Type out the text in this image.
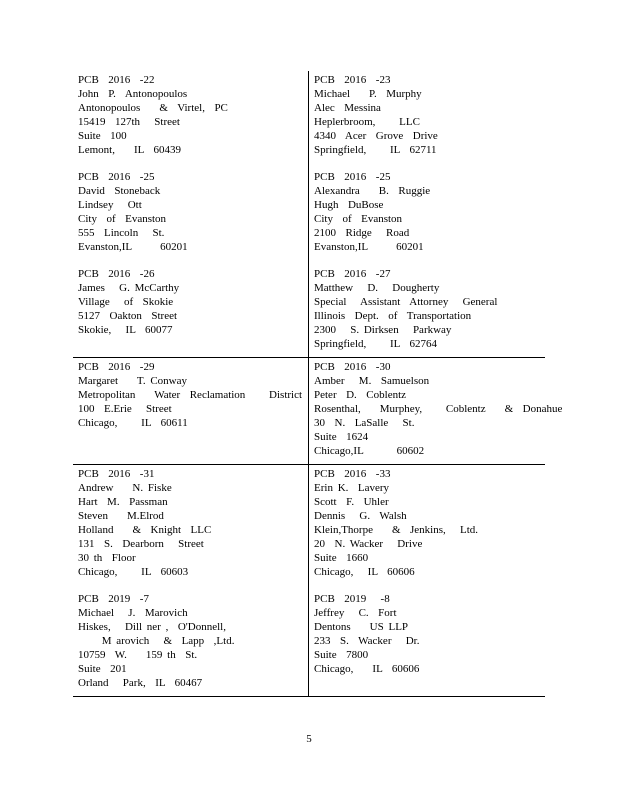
PCB  2016  -22
John  P.  Antonopoulos
Antonopoulos    &  Virtel,  PC
15419  127th   Street
Suite  100
Lemont,    IL  60439
PCB  2016  -25
David  Stoneback
Lindsey   Ott
City  of  Evanston
555  Lincoln   St.
Evanston,IL      60201
PCB  2016  -26
James   G. McCarthy
Village   of  Skokie
5127  Oakton  Street
Skokie,   IL  60077
PCB  2016  -23
Michael    P.  Murphy
Alec  Messina
Heplerbroom,     LLC
4340  Acer  Grove  Drive
Springfield,     IL  62711
PCB  2016  -25
Alexandra    B.  Ruggie
Hugh  DuBose
City  of  Evanston
2100  Ridge   Road
Evanston,IL      60201
PCB  2016  -27
Matthew   D.   Dougherty
Special   Assistant  Attorney   General
Illinois  Dept.  of  Transportation
2300   S. Dirksen   Parkway
Springfield,     IL  62764
PCB  2016  -29
Margaret    T. Conway
Metropolitan    Water  Reclamation     District
100  E.Erie   Street
Chicago,     IL  60611
PCB  2016  -30
Amber   M.  Samuelson
Peter  D.  Coblentz
Rosenthal,    Murphey,     Coblentz    &  Donahue
30  N.  LaSalle   St.
Suite  1624
Chicago,IL       60602
PCB  2016  -31
Andrew    N. Fiske
Hart  M.  Passman
Steven    M.Elrod
Holland    &  Knight  LLC
131  S.  Dearborn   Street
30 th  Floor
Chicago,     IL  60603
PCB  2019  -7
Michael   J.  Marovich
Hiskes,   Dill ner ,  O'Donnell,
M arovich   &  Lapp  ,Ltd.
10759  W.    159 th  St.
Suite  201
Orland   Park,  IL  60467
PCB  2016  -33
Erin K.  Lavery
Scott  F.  Uhler
Dennis   G.  Walsh
Klein,Thorpe    &  Jenkins,   Ltd.
20  N. Wacker   Drive
Suite  1660
Chicago,   IL  60606
PCB  2019   -8
Jeffrey   C.  Fort
Dentons    US LLP
233  S.  Wacker   Dr.
Suite  7800
Chicago,    IL  60606
5
